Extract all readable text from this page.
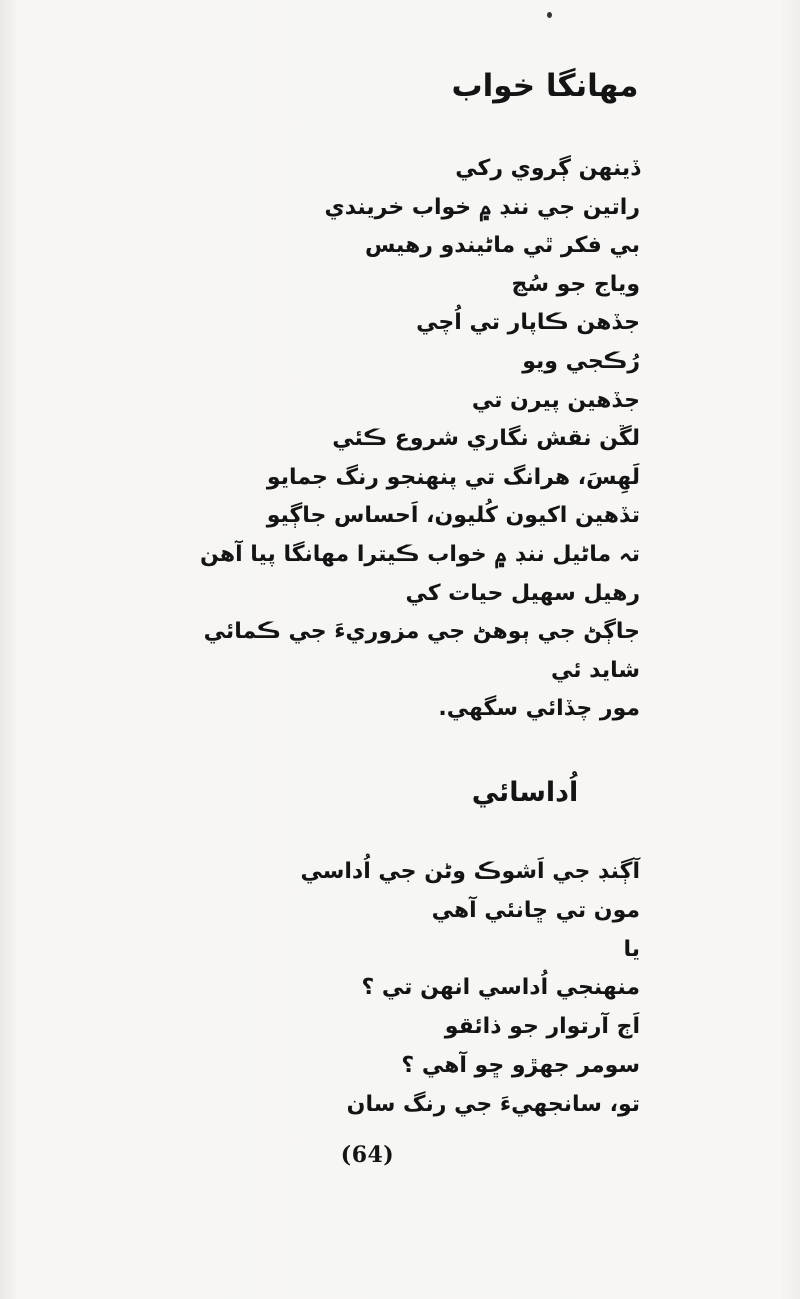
مهانگا خواب
ڏينهن ڳروي رکي
راتين جي ننڊ ۾ خواب خريندي
بي فکر ٿي ماڻيندو رهيس
وياج جو سُڃ
جڏهن ڪاپار تي اُچي
رُڪجي ويو
جڏهين پيرن تي
لڱن نقش نگاري شروع ڪئي
لَهِسَ، هرانگ تي پنهنجو رنگ جمايو
تڏهين اکيون کُليون، اَحساس جاڳيو
تہ ماڻيل ننڊ ۾ خواب ڪيترا مهانگا پيا آهن
رهيل سهيل حيات کي
جاڳڻ جي ٻوهڻ جي مزوريءَ جي ڪمائي
شايد ئي
مور چڏائي سگهي.
اُداسائي
آڳنڊ جي اَشوڪ وڻن جي اُداسي
مون تي ڇانئي آهي
يا
منهنجي اُداسي انهن تي ؟
اَڄ آرتوار جو ذائقو
سومر جهڙو ڇو آهي ؟
تو، سانجهيءَ جي رنگ سان
(64)
